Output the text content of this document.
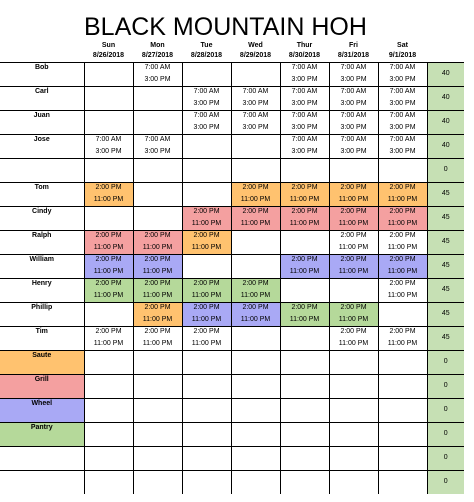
BLACK MOUNTAIN HOH
	Sun	Mon	Tue	Wed	Thur	Fri	Sat	
	8/26/2018	8/27/2018	8/28/2018	8/29/2018	8/30/2018	8/31/2018	9/1/2018	
Bob		7:00 AM			7:00 AM	7:00 AM	7:00 AM	40
		3:00 PM			3:00 PM	3:00 PM	3:00 PM	
Carl			7:00 AM	7:00 AM	7:00 AM	7:00 AM	7:00 AM	40
			3:00 PM	3:00 PM	3:00 PM	3:00 PM	3:00 PM	
Juan			7:00 AM	7:00 AM	7:00 AM	7:00 AM	7:00 AM	40
			3:00 PM	3:00 PM	3:00 PM	3:00 PM	3:00 PM	
Jose	7:00 AM	7:00 AM			7:00 AM	7:00 AM	7:00 AM	40
	3:00 PM	3:00 PM			3:00 PM	3:00 PM	3:00 PM	
								0

Tom	2:00 PM			2:00 PM	2:00 PM	2:00 PM	2:00 PM	45
	11:00 PM			11:00 PM	11:00 PM	11:00 PM	11:00 PM	
Cindy			2:00 PM	2:00 PM	2:00 PM	2:00 PM	2:00 PM	45
			11:00 PM	11:00 PM	11:00 PM	11:00 PM	11:00 PM	
Ralph	2:00 PM	2:00 PM	2:00 PM			2:00 PM	2:00 PM	45
	11:00 PM	11:00 PM	11:00 PM			11:00 PM	11:00 PM	
William	2:00 PM	2:00 PM			2:00 PM	2:00 PM	2:00 PM	45
	11:00 PM	11:00 PM			11:00 PM	11:00 PM	11:00 PM	
Henry	2:00 PM	2:00 PM	2:00 PM	2:00 PM			2:00 PM	45
	11:00 PM	11:00 PM	11:00 PM	11:00 PM			11:00 PM	
Phillip		2:00 PM	2:00 PM	2:00 PM	2:00 PM	2:00 PM		45
		11:00 PM	11:00 PM	11:00 PM	11:00 PM	11:00 PM		
Tim	2:00 PM	2:00 PM	2:00 PM			2:00 PM	2:00 PM	45
	11:00 PM	11:00 PM	11:00 PM			11:00 PM	11:00 PM	
Saute								0

Grill								0

Wheel								0

Pantry								0

								0

								0
